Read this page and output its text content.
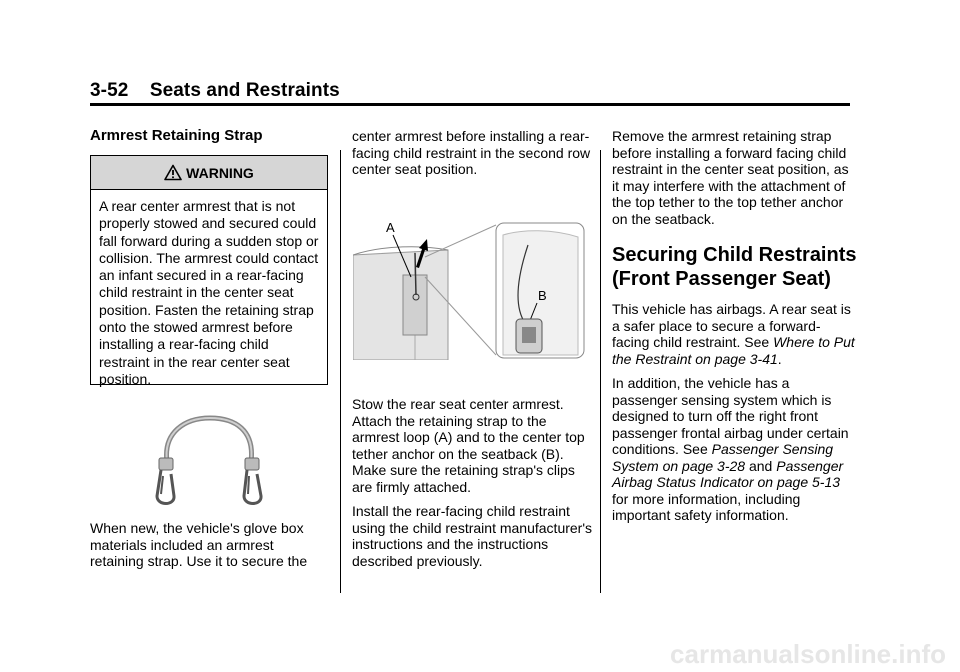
3-52 Seats and Restraints
Armrest Retaining Strap
WARNING
A rear center armrest that is not properly stowed and secured could fall forward during a sudden stop or collision. The armrest could contact an infant secured in a rear-facing child restraint in the center seat position. Fasten the retaining strap onto the stowed armrest before installing a rear-facing child restraint in the rear center seat position.

When new, the vehicle's glove box materials included an armrest retaining strap. Use it to secure the

center armrest before installing a rear-facing child restraint in the second row center seat position.

A
B

Stow the rear seat center armrest. Attach the retaining strap to the armrest loop (A) and to the center top tether anchor on the seatback (B). Make sure the retaining strap's clips are firmly attached.

Install the rear-facing child restraint using the child restraint manufacturer's instructions and the instructions described previously.

Remove the armrest retaining strap before installing a forward facing child restraint in the center seat position, as it may interfere with the attachment of the top tether to the top tether anchor on the seatback.

Securing Child Restraints (Front Passenger Seat)

This vehicle has airbags. A rear seat is a safer place to secure a forward-facing child restraint. See Where to Put the Restraint on page 3-41.

In addition, the vehicle has a passenger sensing system which is designed to turn off the right front passenger frontal airbag under certain conditions. See Passenger Sensing System on page 3-28 and Passenger Airbag Status Indicator on page 5-13 for more information, including important safety information.

carmanualsonline.info
